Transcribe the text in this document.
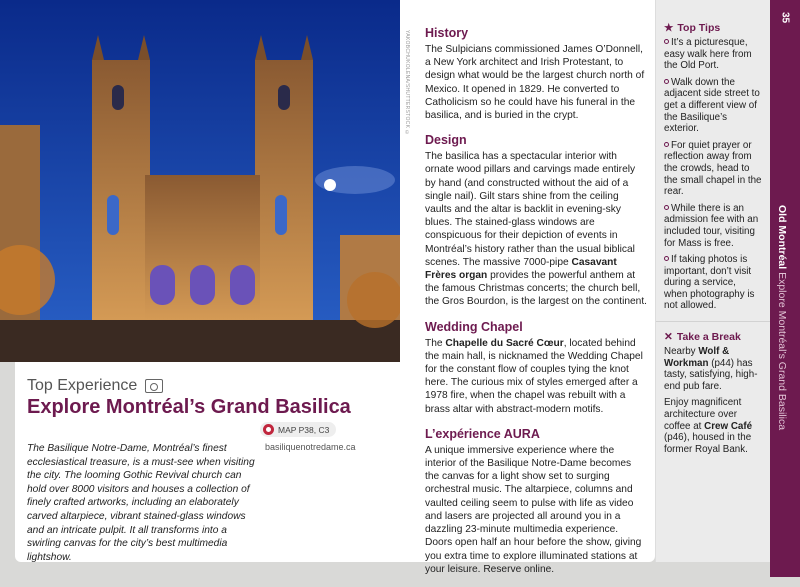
YAKOBCHUKOLENA/SHUTTERSTOCK ©
Top Experience
Explore Montréal’s Grand Basilica

The Basilique Notre-Dame, Montréal’s finest ecclesiastical treasure, is a must-see when visiting the city. The looming Gothic Revival church can hold over 8000 visitors and houses a collection of finely crafted artworks, including an elaborately carved altarpiece, vibrant stained-glass windows and an intricate pulpit. It all transforms into a swirling canvas for the city’s best multimedia lightshow.

MAP P38, C3
basiliquenotredame.ca
History

The Sulpicians commissioned James O’Donnell, a New York architect and Irish Protestant, to design what would be the largest church north of Mexico. It opened in 1829. He converted to Catholicism so he could have his funeral in the basilica, and is buried in the crypt.

Design

The basilica has a spectacular interior with ornate wood pillars and carvings made entirely by hand (and constructed without the aid of a single nail). Gilt stars shine from the ceiling vaults and the altar is backlit in evening-sky blues. The stained-glass windows are conspicuous for their depiction of events in Montréal’s history rather than the usual biblical scenes. The massive 7000-pipe Casavant Frères organ provides the powerful anthem at the famous Christmas concerts; the church bell, the Gros Bourdon, is the largest on the continent.

Wedding Chapel

The Chapelle du Sacré Cœur, located behind the main hall, is nicknamed the Wedding Chapel for the constant flow of couples tying the knot here. The curious mix of styles emerged after a 1978 fire, when the chapel was rebuilt with a brass altar with abstract-modern motifs.

L’expérience AURA

A unique immersive experience where the interior of the Basilique Notre-Dame becomes the canvas for a light show set to surging orchestral music. The altarpiece, columns and vaulted ceiling seem to pulse with life as video and lasers are projected all around you in a dazzling 23-minute multimedia experience. Doors open half an hour before the show, giving you extra time to explore illuminated stations at your leisure. Reserve online.

★ Top Tips

It’s a picturesque, easy walk here from the Old Port.

Walk down the adjacent side street to get a different view of the Basilique’s exterior.

For quiet prayer or reflection away from the crowds, head to the small chapel in the rear.

While there is an admission fee with an included tour, visiting for Mass is free.

If taking photos is important, don’t visit during a service, when photography is not allowed.

✕ Take a Break

Nearby Wolf & Workman (p44) has tasty, satisfying, high-end pub fare.

Enjoy magnificent architecture over coffee at Crew Café (p46), housed in the former Royal Bank.

35
Old Montréal Explore Montréal’s Grand Basilica
